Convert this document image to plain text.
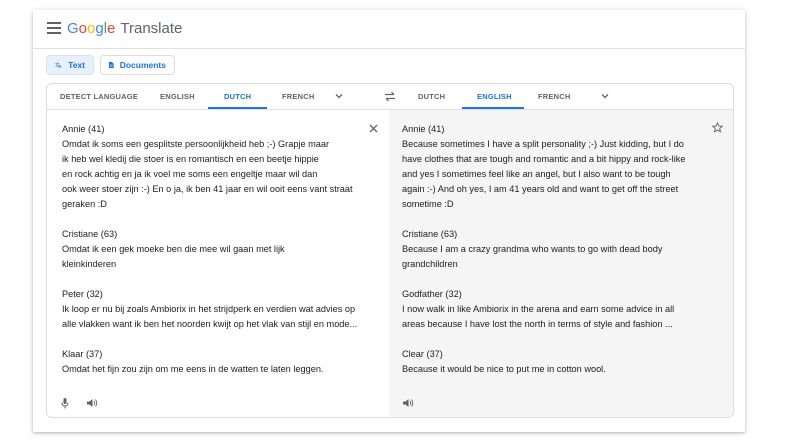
Google Translate
文
A Text	Documents
DETECT LANGUAGE	ENGLISH	DUTCH	FRENCH	DUTCH	ENGLISH	FRENCH
Annie (41)
Omdat ik soms een gesplitste persoonlijkheid heb ;-) Grapje maar
ik heb wel kledij die stoer is en romantisch en een beetje hippie
en rock achtig en ja ik voel me soms een engeltje maar wil dan
ook weer stoer zijn :-) En o ja, ik ben 41 jaar en wil ooit eens vant straat
geraken :D
Cristiane (63)
Omdat ik een gek moeke ben die mee wil gaan met lijk
kleinkinderen
Peter (32)
Ik loop er nu bij zoals Ambiorix in het strijdperk en verdien wat advies op
alle vlakken want ik ben het noorden kwijt op het vlak van stijl en mode...
Klaar (37)
Omdat het fijn zou zijn om me eens in de watten te laten leggen.
Annie (41)
Because sometimes I have a split personality ;-) Just kidding, but I do
have clothes that are tough and romantic and a bit hippy and rock-like
and yes I sometimes feel like an angel, but I also want to be tough
again :-) And oh yes, I am 41 years old and want to get off the street
sometime :D
Cristiane (63)
Because I am a crazy grandma who wants to go with dead body
grandchildren
Godfather (32)
I now walk in like Ambiorix in the arena and earn some advice in all
areas because I have lost the north in terms of style and fashion ...
Clear (37)
Because it would be nice to put me in cotton wool.
